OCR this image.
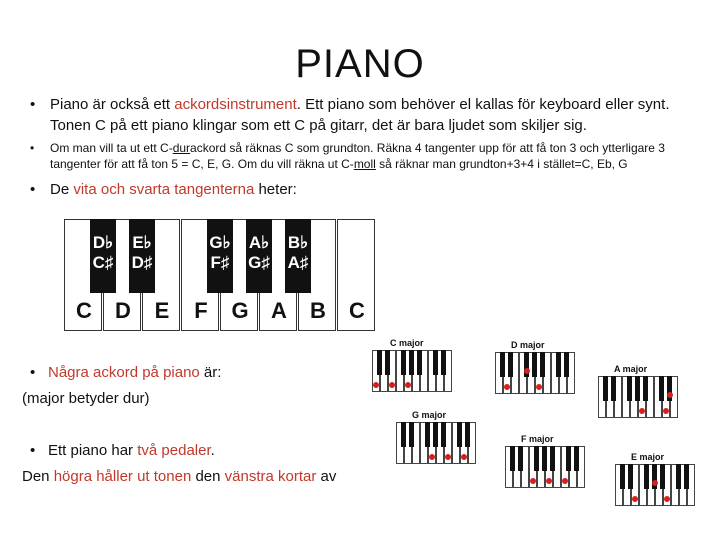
PIANO
• Piano är också ett ackordsinstrument. Ett piano som behöver el kallas för keyboard eller synt. Tonen C på ett piano klingar som ett C på gitarr, det är bara ljudet som skiljer sig.
• Om man vill ta ut ett C-durackord så räknas C som grundton. Räkna 4 tangenter upp för att få ton 3 och ytterligare 3 tangenter för att få ton 5 = C, E, G. Om du vill räkna ut C-moll så räknar man grundton+3+4 i stället=C, Eb, G
• De vita och svarta tangenterna heter:
C	D	E	F	G	A	B	C
D♭
C♯
E♭
D♯
G♭
F♯
A♭
G♯
B♭
A♯
• Några ackord på piano är:
(major betyder dur)
• Ett piano har två pedaler.
Den högra håller ut tonen den vänstra kortar av
C major	D major
A major
G major
F major
E major
